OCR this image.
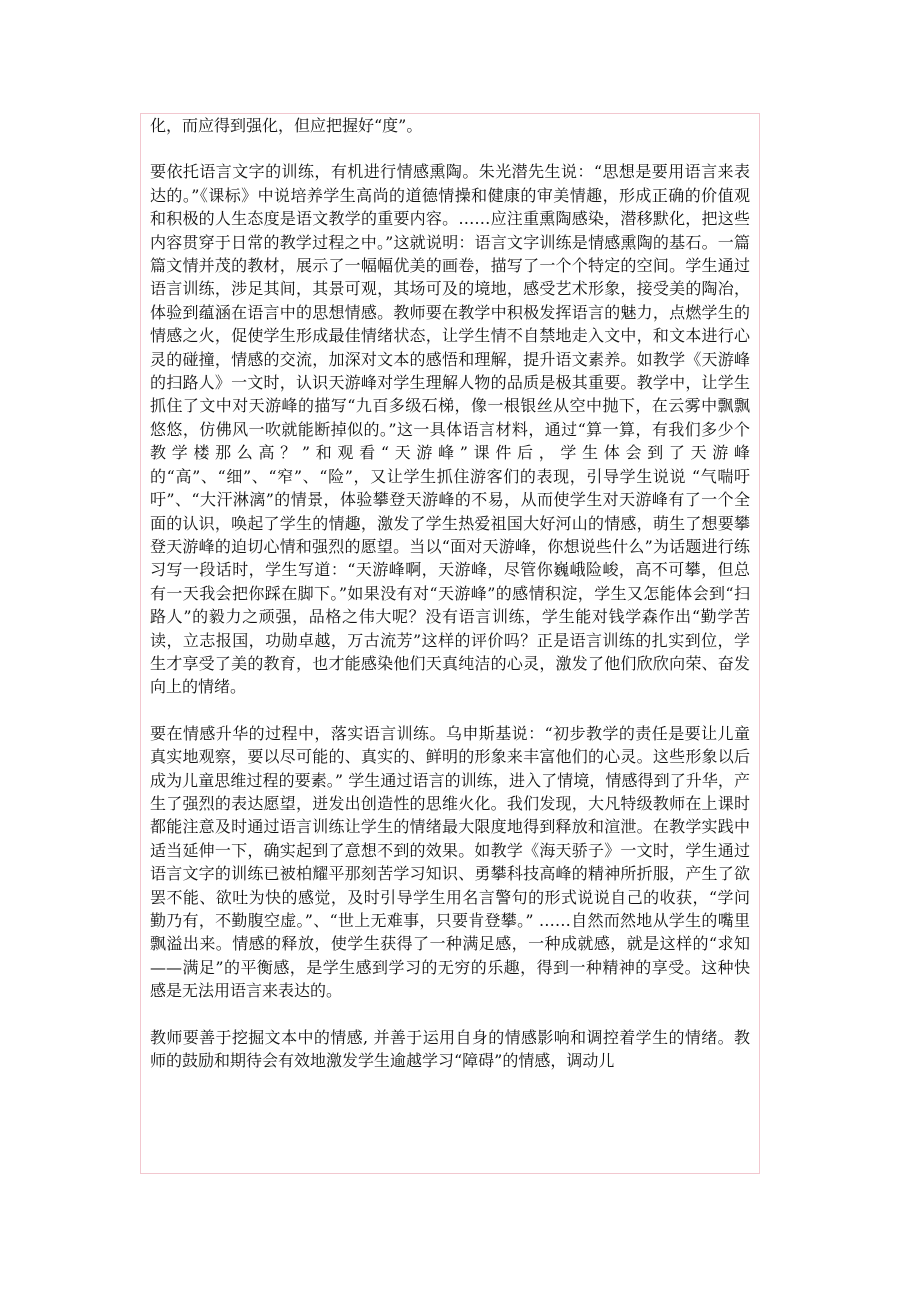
化，而应得到强化，但应把握好“度”。

要依托语言文字的训练，有机进行情感熏陶。朱光潜先生说：“思想是要用语言来表达的。”《课标》中说培养学生高尚的道德情操和健康的审美情趣，形成正确的价值观和积极的人生态度是语文教学的重要内容。……应注重熏陶感染，潜移默化，把这些内容贯穿于日常的教学过程之中。”这就说明：语言文字训练是情感熏陶的基石。一篇篇文情并茂的教材，展示了一幅幅优美的画卷，描写了一个个特定的空间。学生通过语言训练，涉足其间，其景可观，其场可及的境地，感受艺术形象，接受美的陶冶，体验到蕴涵在语言中的思想情感。教师要在教学中积极发挥语言的魅力，点燃学生的情感之火，促使学生形成最佳情绪状态，让学生情不自禁地走入文中，和文本进行心灵的碰撞，情感的交流，加深对文本的感悟和理解，提升语文素养。如教学《天游峰的扫路人》一文时，认识天游峰对学生理解人物的品质是极其重要。教学中，让学生抓住了文中对天游峰的描写“九百多级石梯，像一根银丝从空中抛下，在云雾中飘飘悠悠，仿佛风一吹就能断掉似的。”这一具体语言材料，通过“算一算，有我们多少个教学楼那么高？”和观看“天游峰”课件后，学生体会到了天游峰的“高”、“细”、“窄”、“险”，又让学生抓住游客们的表现，引导学生说说 “气喘吁吁”、“大汗淋漓”的情景，体验攀登天游峰的不易，从而使学生对天游峰有了一个全面的认识，唤起了学生的情趣，激发了学生热爱祖国大好河山的情感，萌生了想要攀登天游峰的迫切心情和强烈的愿望。当以“面对天游峰，你想说些什么”为话题进行练习写一段话时，学生写道：“天游峰啊，天游峰，尽管你巍峨险峻，高不可攀，但总有一天我会把你踩在脚下。”如果没有对“天游峰”的感情积淀，学生又怎能体会到“扫路人”的毅力之顽强，品格之伟大呢？没有语言训练，学生能对钱学森作出“勤学苦读，立志报国，功勋卓越，万古流芳”这样的评价吗？正是语言训练的扎实到位，学生才享受了美的教育，也才能感染他们天真纯洁的心灵，激发了他们欣欣向荣、奋发向上的情绪。

要在情感升华的过程中，落实语言训练。乌申斯基说：“初步教学的责任是要让儿童真实地观察，要以尽可能的、真实的、鲜明的形象来丰富他们的心灵。这些形象以后成为儿童思维过程的要素。” 学生通过语言的训练，进入了情境，情感得到了升华，产生了强烈的表达愿望，迸发出创造性的思维火化。我们发现，大凡特级教师在上课时都能注意及时通过语言训练让学生的情绪最大限度地得到释放和渲泄。在教学实践中适当延伸一下，确实起到了意想不到的效果。如教学《海天骄子》一文时，学生通过语言文字的训练已被柏耀平那刻苦学习知识、勇攀科技高峰的精神所折服，产生了欲罢不能、欲吐为快的感觉，及时引导学生用名言警句的形式说说自己的收获，“学问勤乃有，不勤腹空虚。”、“世上无难事，只要肯登攀。” ……自然而然地从学生的嘴里飘溢出来。情感的释放，使学生获得了一种满足感，一种成就感，就是这样的“求知——满足”的平衡感，是学生感到学习的无穷的乐趣，得到一种精神的享受。这种快感是无法用语言来表达的。

教师要善于挖掘文本中的情感, 并善于运用自身的情感影响和调控着学生的情绪。教师的鼓励和期待会有效地激发学生逾越学习“障碍”的情感，调动儿
